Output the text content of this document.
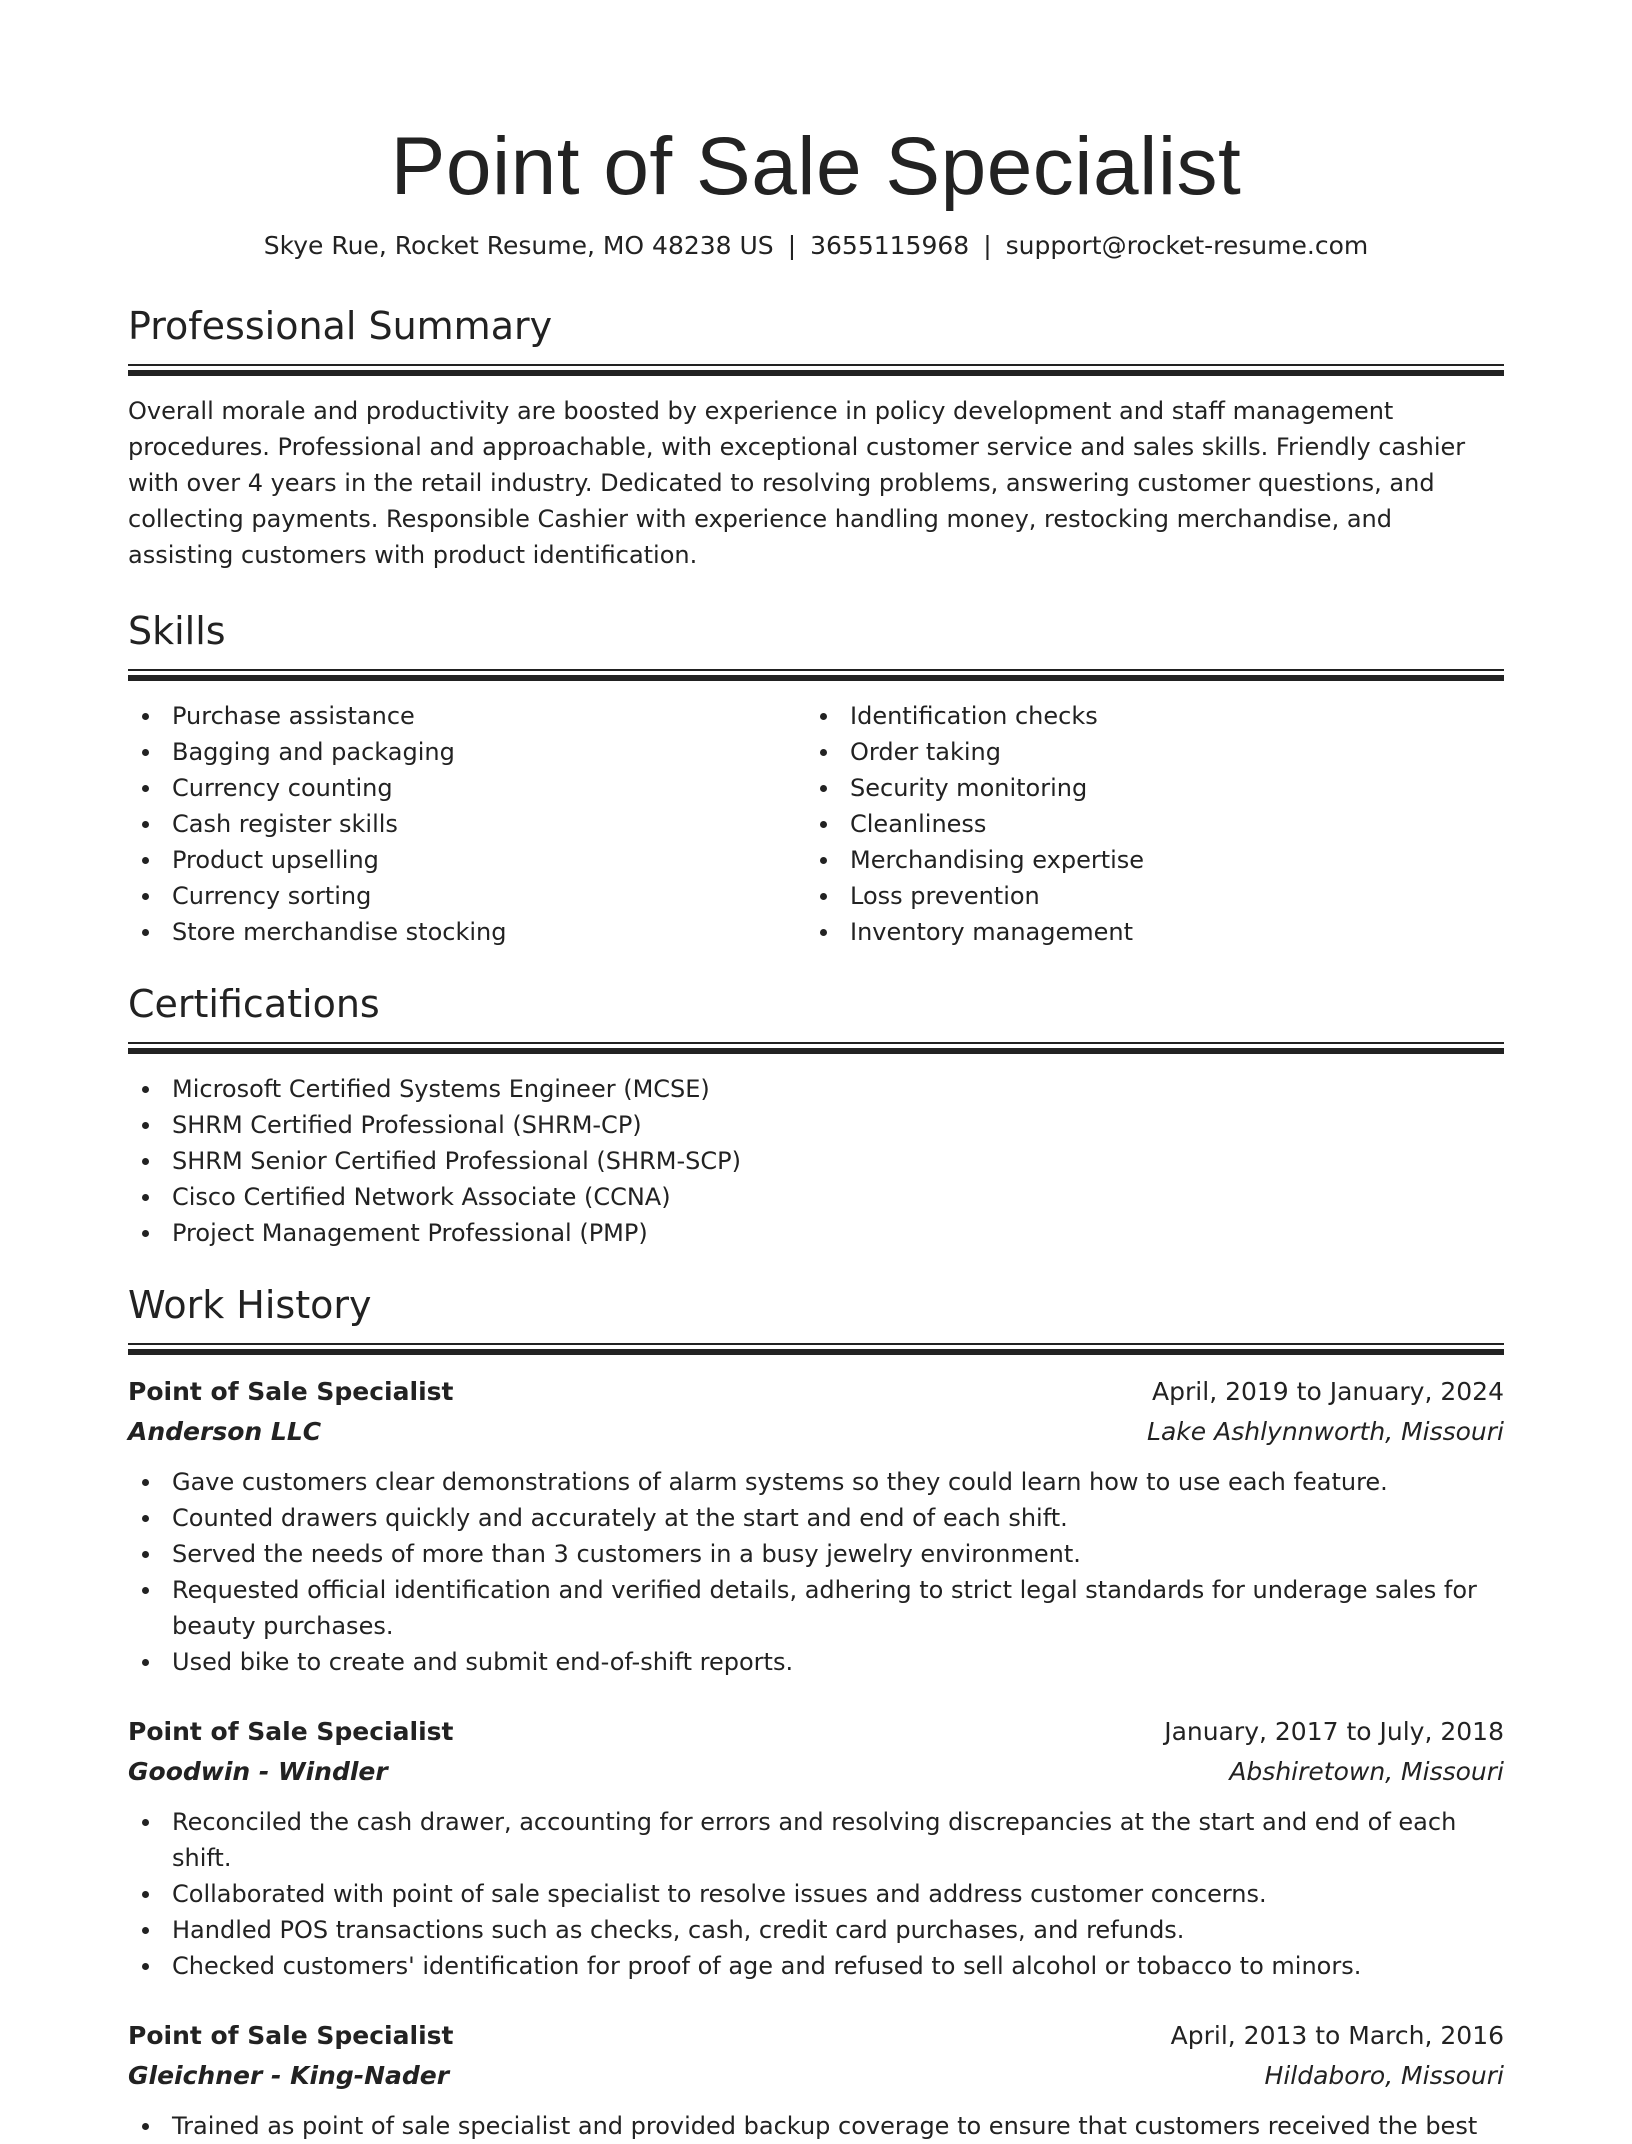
Point of Sale Specialist
Skye Rue, Rocket Resume, MO 48238 US | 3655115968 | support@rocket-resume.com
Professional Summary

Overall morale and productivity are boosted by experience in policy development and staff management procedures. Professional and approachable, with exceptional customer service and sales skills. Friendly cashier with over 4 years in the retail industry. Dedicated to resolving problems, answering customer questions, and collecting payments. Responsible Cashier with experience handling money, restocking merchandise, and assisting customers with product identification.

Skills
Purchase assistance
Bagging and packaging
Currency counting
Cash register skills
Product upselling
Currency sorting
Store merchandise stocking
Identification checks
Order taking
Security monitoring
Cleanliness
Merchandising expertise
Loss prevention
Inventory management
Certifications
Microsoft Certified Systems Engineer (MCSE)
SHRM Certified Professional (SHRM-CP)
SHRM Senior Certified Professional (SHRM-SCP)
Cisco Certified Network Associate (CCNA)
Project Management Professional (PMP)
Work History
Point of Sale Specialist	April, 2019 to January, 2024
Anderson LLC	Lake Ashlynnworth, Missouri
Gave customers clear demonstrations of alarm systems so they could learn how to use each feature.
Counted drawers quickly and accurately at the start and end of each shift.
Served the needs of more than 3 customers in a busy jewelry environment.
Requested official identification and verified details, adhering to strict legal standards for underage sales for beauty purchases.
Used bike to create and submit end-of-shift reports.
Point of Sale Specialist	January, 2017 to July, 2018
Goodwin - Windler	Abshiretown, Missouri
Reconciled the cash drawer, accounting for errors and resolving discrepancies at the start and end of each shift.
Collaborated with point of sale specialist to resolve issues and address customer concerns.
Handled POS transactions such as checks, cash, credit card purchases, and refunds.
Checked customers' identification for proof of age and refused to sell alcohol or tobacco to minors.
Point of Sale Specialist	April, 2013 to March, 2016
Gleichner - King-Nader	Hildaboro, Missouri
Trained as point of sale specialist and provided backup coverage to ensure that customers received the best
